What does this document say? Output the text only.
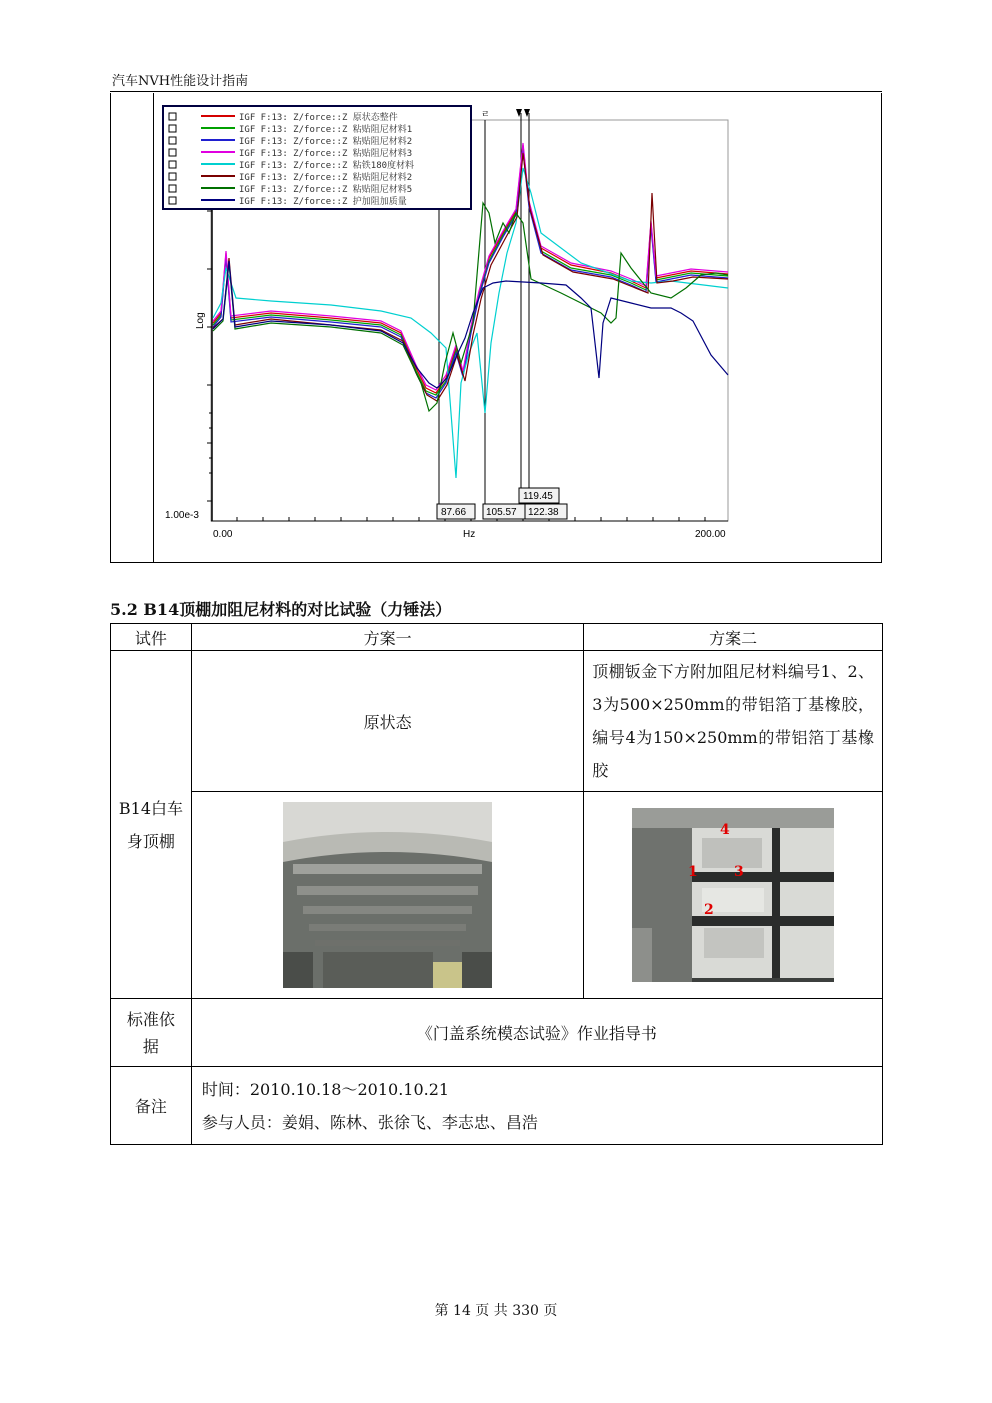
汽车NVH性能设计指南
ㄹ
IGF F:13: Z/force::Z 原状态整件
IGF F:13: Z/force::Z 粘贴阻尼材料1
IGF F:13: Z/force::Z 粘贴阻尼材料2
IGF F:13: Z/force::Z 粘贴阻尼材料3
IGF F:13: Z/force::Z 粘铁180度材料
IGF F:13: Z/force::Z 粘贴阻尼材料2
IGF F:13: Z/force::Z 粘贴阻尼材料5
IGF F:13: Z/force::Z 护加阻加质量
0.00	Hz	200.00
1.00e-3
Log
87.66 105.57
119.45
122.38
5.2 B14顶棚加阻尼材料的对比试验（力锤法）
试件	方案一	方案二
B14白车身顶棚	原状态	顶棚钣金下方附加阻尼材料编号1、2、3为500×250mm的带铝箔丁基橡胶，编号4为150×250mm的带铝箔丁基橡胶

标准依据	《门盖系统模态试验》作业指导书	
备注	时间：2010.10.18～2010.10.21
参与人员：姜娟、陈林、张徐飞、李志忠、昌浩	
4
1	3
2
第 14 页 共 330 页
